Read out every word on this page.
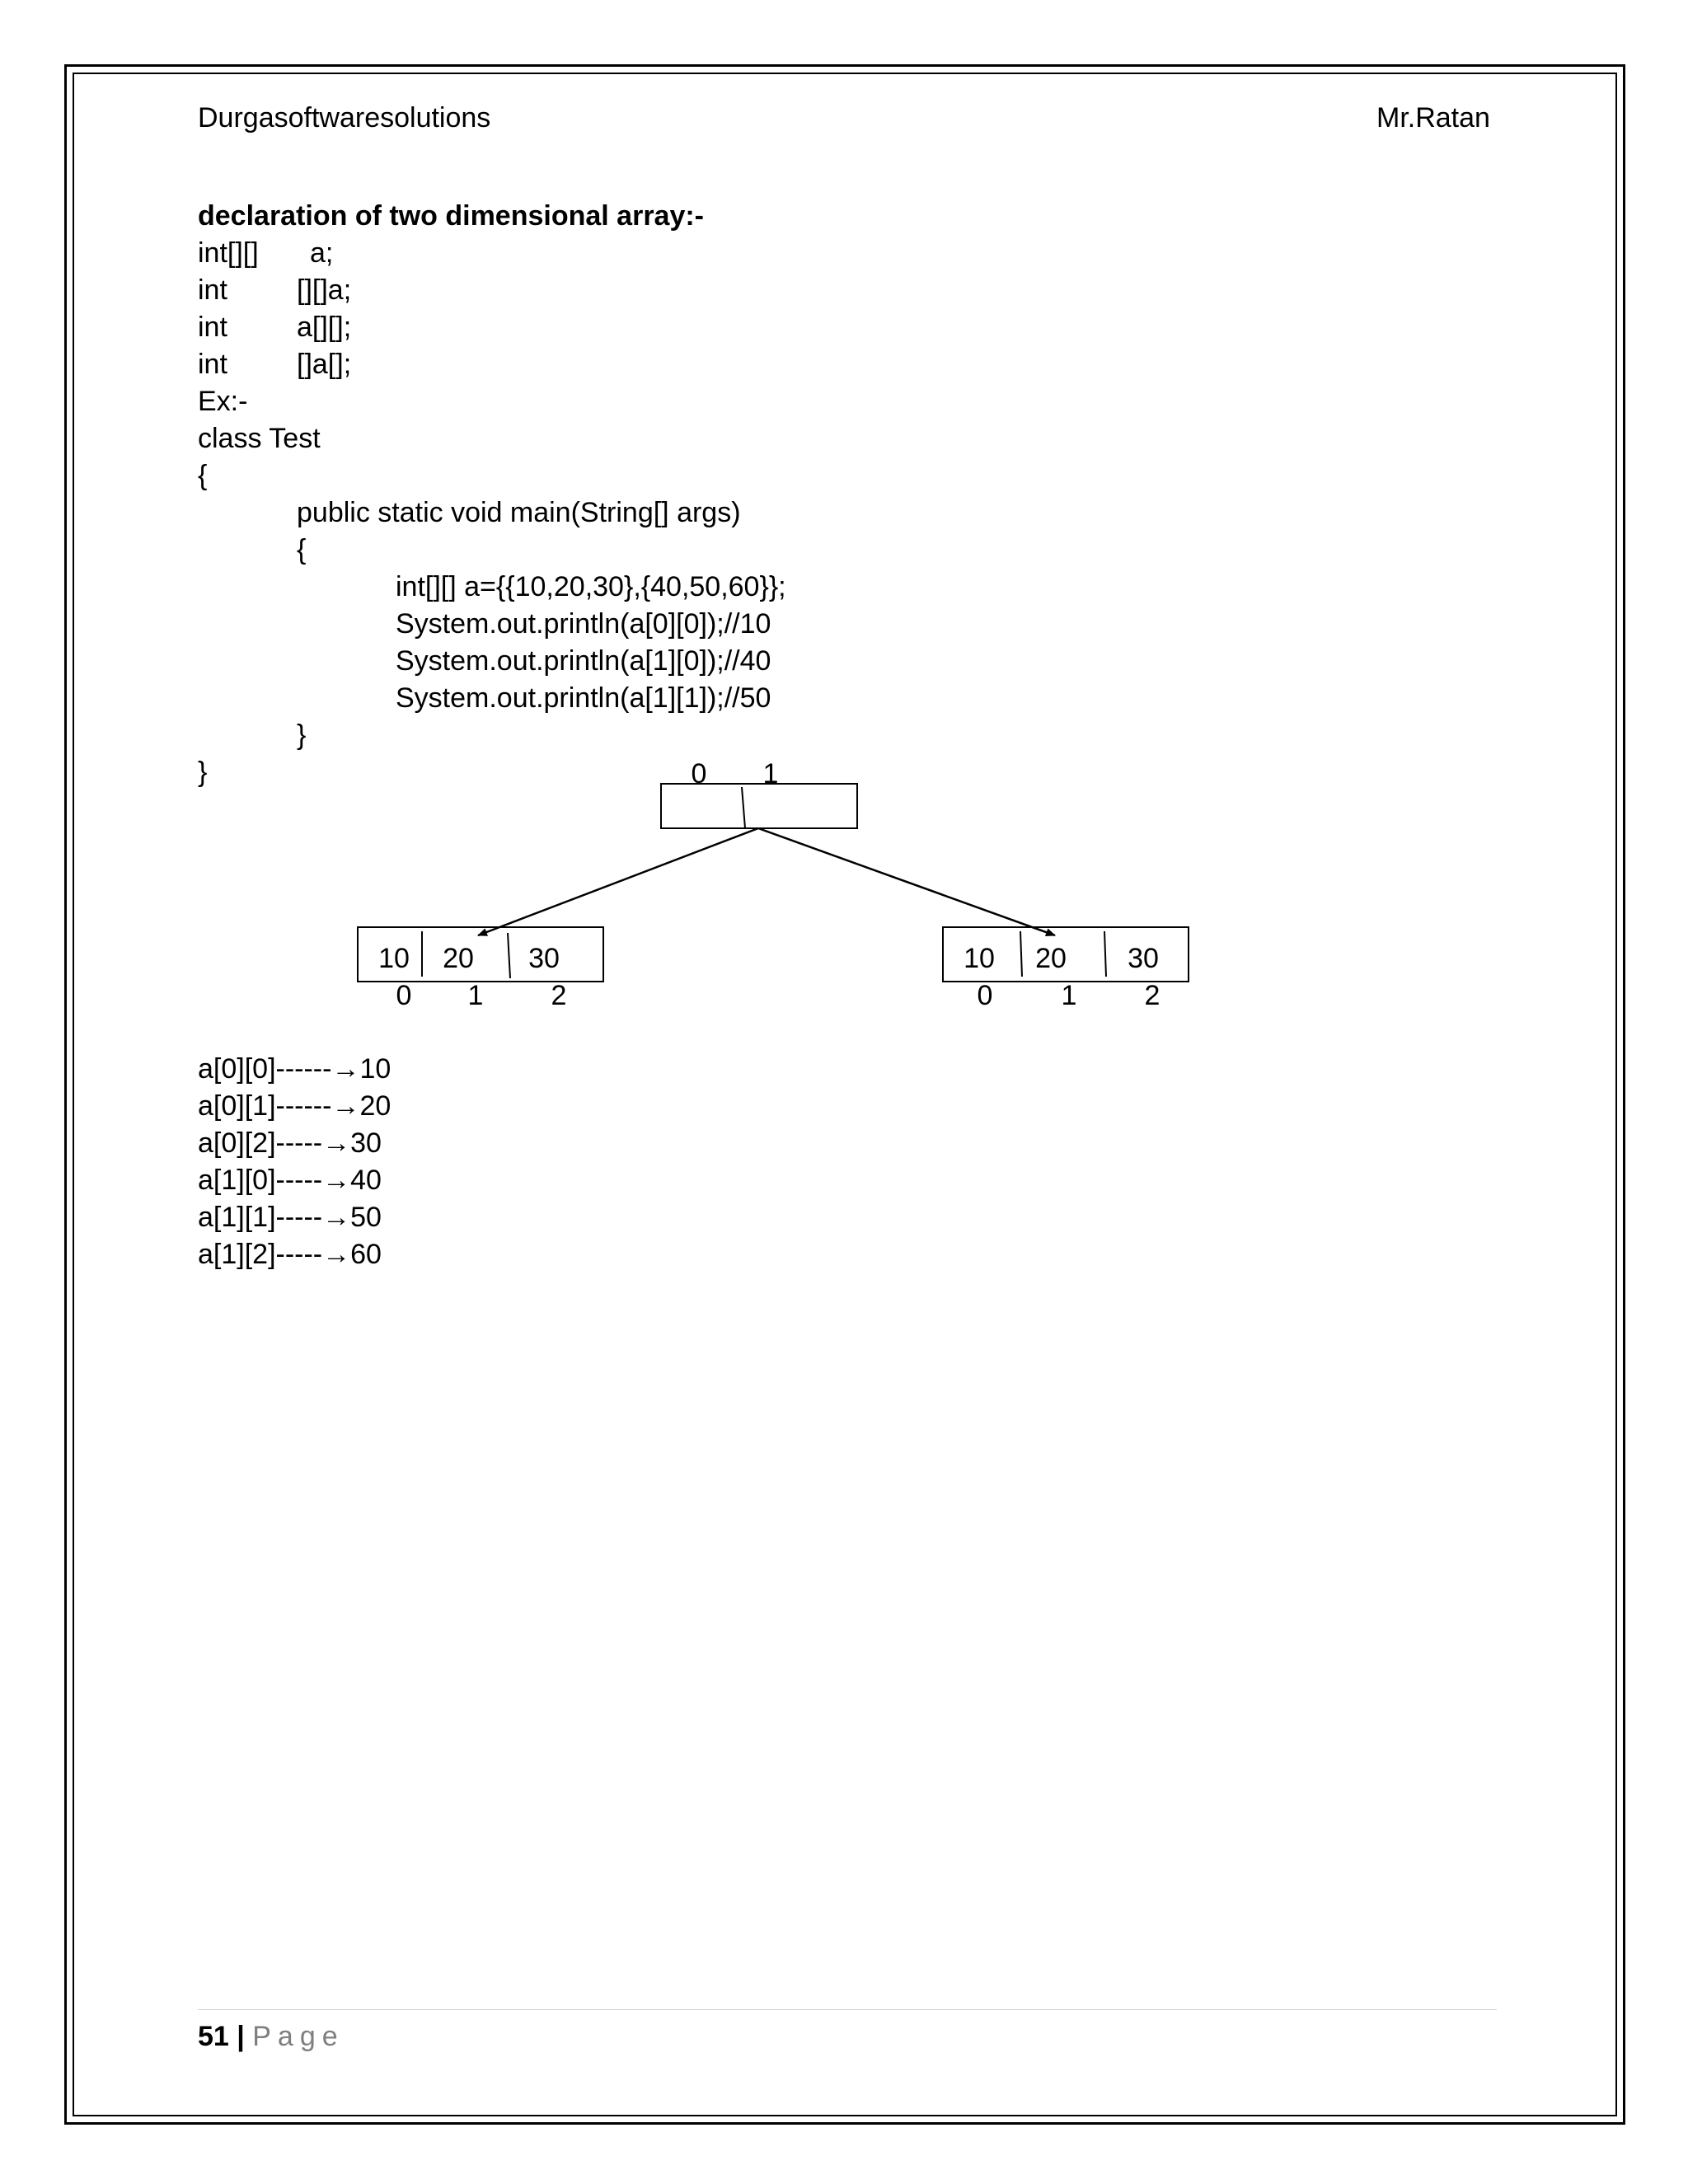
Durgasoftwaresolutions	Mr.Ratan
declaration of two dimensional array:-

int[][]

a;

int

[][]a;

int

a[][];

int

[]a[];

Ex:-
class Test
{
public static void main(String[] args)
{
int[][] a={{10,20,30},{40,50,60}};
System.out.println(a[0][0]);//10
System.out.println(a[1][0]);//40
System.out.println(a[1][1]);//50
}
}
a[0][0]------→10
a[0][1]------→20
a[0][2]-----→30
a[1][0]-----→40
a[1][1]-----→50
a[1][2]-----→60
0 1
10 20 30
0 1 2
10 20 30
0 1 2
51 | Page
